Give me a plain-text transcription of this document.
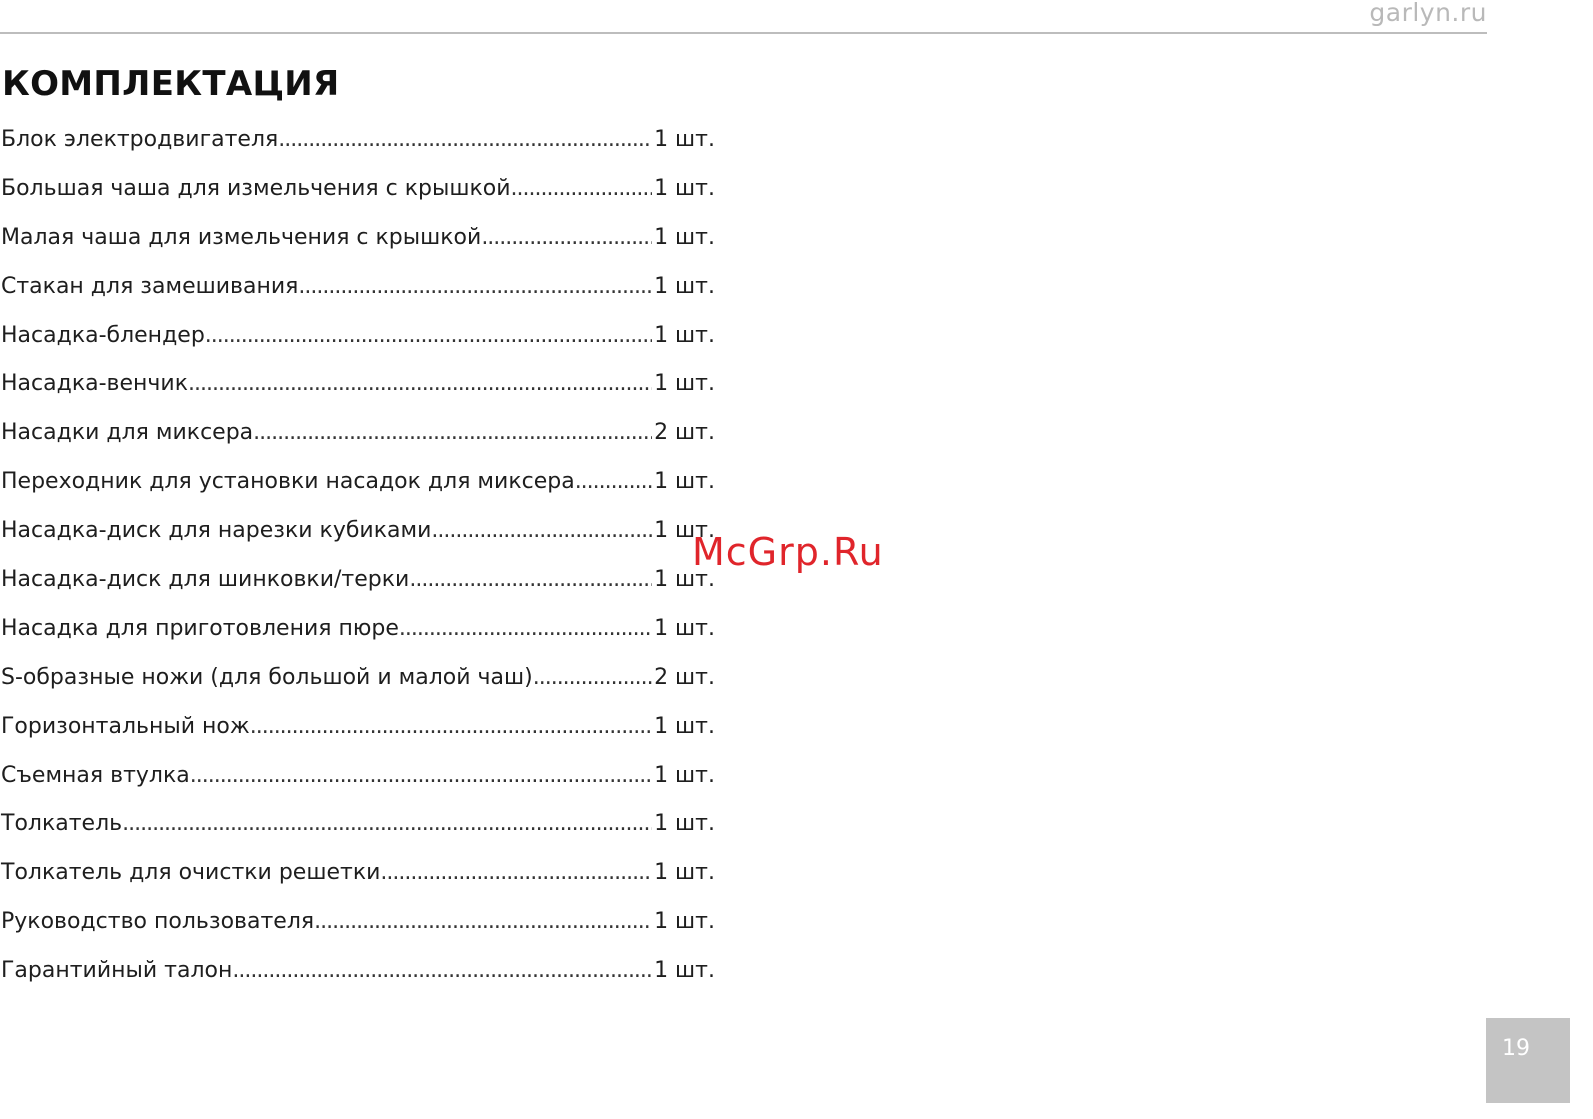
garlyn.ru
КОМПЛЕКТАЦИЯ
Блок электродвигателя .....	1 шт.
Большая чаша для измельчения с крышкой .....	1 шт.
Малая чаша для измельчения с крышкой .....	1 шт.
Стакан для замешивания .....	1 шт.
Насадка-блендер .....	1 шт.
Насадка-венчик .....	1 шт.
Насадки для миксера .....	2 шт.
Переходник для установки насадок для миксера .....	1 шт.
Насадка-диск для нарезки кубиками .....	1 шт.
Насадка-диск для шинковки/терки .....	1 шт.
Насадка для приготовления пюре .....	1 шт.
S-образные ножи (для большой и малой чаш) .....	2 шт.
Горизонтальный нож .....	1 шт.
Съемная втулка .....	1 шт.
Толкатель .....	1 шт.
Толкатель для очистки решетки .....	1 шт.
Руководство пользователя .....	1 шт.
Гарантийный талон .....	1 шт.
McGrp.Ru
19
